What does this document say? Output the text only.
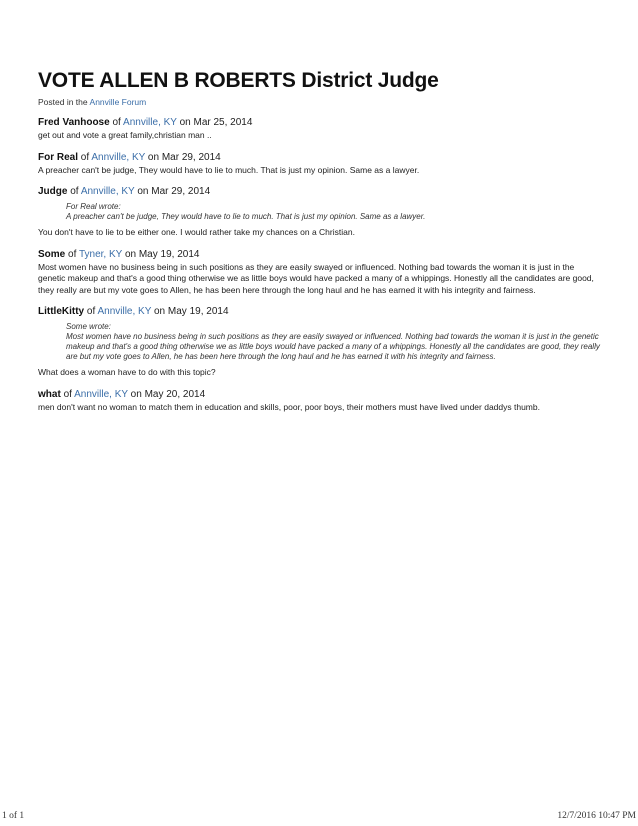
VOTE ALLEN B ROBERTS District Judge
Posted in the Annville Forum
Fred Vanhoose of Annville, KY on Mar 25, 2014
get out and vote a great family,christian man ..
For Real of Annville, KY on Mar 29, 2014
A preacher can't be judge, They would have to lie to much. That is just my opinion. Same as a lawyer.
Judge of Annville, KY on Mar 29, 2014
For Real wrote:
A preacher can't be judge, They would have to lie to much. That is just my opinion. Same as a lawyer.
You don't have to lie to be either one. I would rather take my chances on a Christian.
Some of Tyner, KY on May 19, 2014
Most women have no business being in such positions as they are easily swayed or influenced. Nothing bad towards the woman it is just in the genetic makeup and that's a good thing otherwise we as little boys would have packed a many of a whippings. Honestly all the candidates are good, they really are but my vote goes to Allen, he has been here through the long haul and he has earned it with his integrity and fairness.
LittleKitty of Annville, KY on May 19, 2014
Some wrote:
Most women have no business being in such positions as they are easily swayed or influenced. Nothing bad towards the woman it is just in the genetic makeup and that's a good thing otherwise we as little boys would have packed a many of a whippings. Honestly all the candidates are good, they really are but my vote goes to Allen, he has been here through the long haul and he has earned it with his integrity and fairness.
What does a woman have to do with this topic?
what of Annville, KY on May 20, 2014
men don't want no woman to match them in education and skills, poor, poor boys, their mothers must have lived under daddys thumb.
1 of 1	12/7/2016 10:47 PM
